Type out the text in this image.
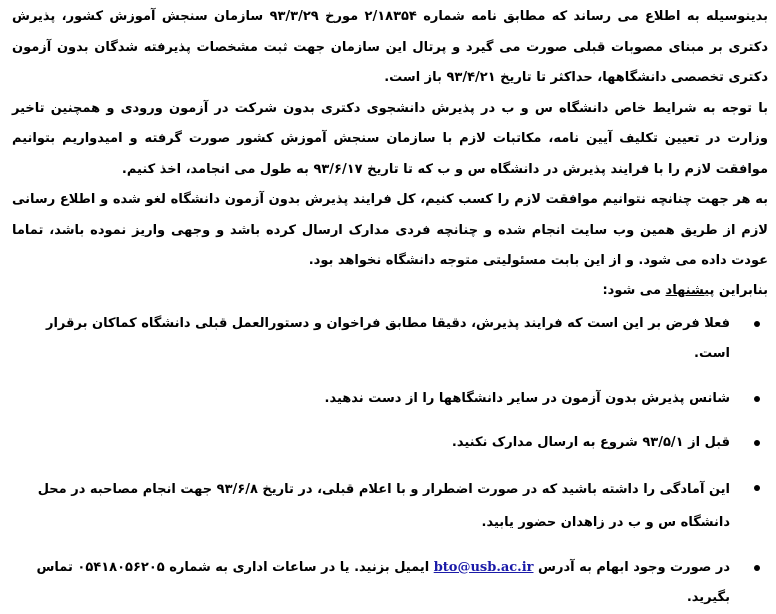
بدینوسیله به اطلاع می رساند که مطابق نامه شماره ۲/۱۸۳۵۴ مورخ ۹۳/۳/۲۹ سازمان سنجش آموزش کشور، پذیرش دکتری بر مبنای مصوبات قبلی صورت می گیرد و پرتال این سازمان جهت ثبت مشخصات پذیرفته شدگان بدون آزمون دکتری تخصصی دانشگاهها، حداکثر تا تاریخ ۹۳/۴/۲۱ باز است.

با توجه به شرایط خاص دانشگاه س و ب در پذیرش دانشجوی دکتری بدون شرکت در آزمون ورودی و همچنین تاخیر وزارت در تعیین تکلیف آیین نامه، مکاتبات لازم با سازمان سنجش آموزش کشور صورت گرفته و امیدواریم بتوانیم موافقت لازم را با فرایند پذیرش در دانشگاه س و ب که تا تاریخ ۹۳/۶/۱۷ به طول می انجامد، اخذ کنیم.

به هر جهت چنانچه نتوانیم موافقت لازم را کسب کنیم، کل فرایند پذیرش بدون آزمون دانشگاه لغو شده و اطلاع رسانی لازم از طریق همین وب سایت انجام شده و چنانچه فردی مدارک ارسال کرده باشد و وجهی واریز نموده باشد، تماما عودت داده می شود. و از این بابت مسئولیتی متوجه دانشگاه نخواهد بود.

بنابراین پیشنهاد می شود:

فعلا فرض بر این است که فرایند پذیرش، دقیقا مطابق فراخوان و دستورالعمل قبلی دانشگاه کماکان برقرار است.
شانس پذیرش بدون آزمون در سایر دانشگاهها را از دست ندهید.
قبل از ۹۳/۵/۱ شروع به ارسال مدارک نکنید.
این آمادگی را داشته باشید که در صورت اضطرار و با اعلام قبلی، در تاریخ ۹۳/۶/۸ جهت انجام مصاحبه در محل دانشگاه س و ب در زاهدان حضور یابید.
در صورت وجود ابهام به آدرس bto@usb.ac.ir ایمیل بزنید. یا در ساعات اداری به شماره ۰۵۴۱۸۰۵۶۲۰۵ تماس بگیرید.
